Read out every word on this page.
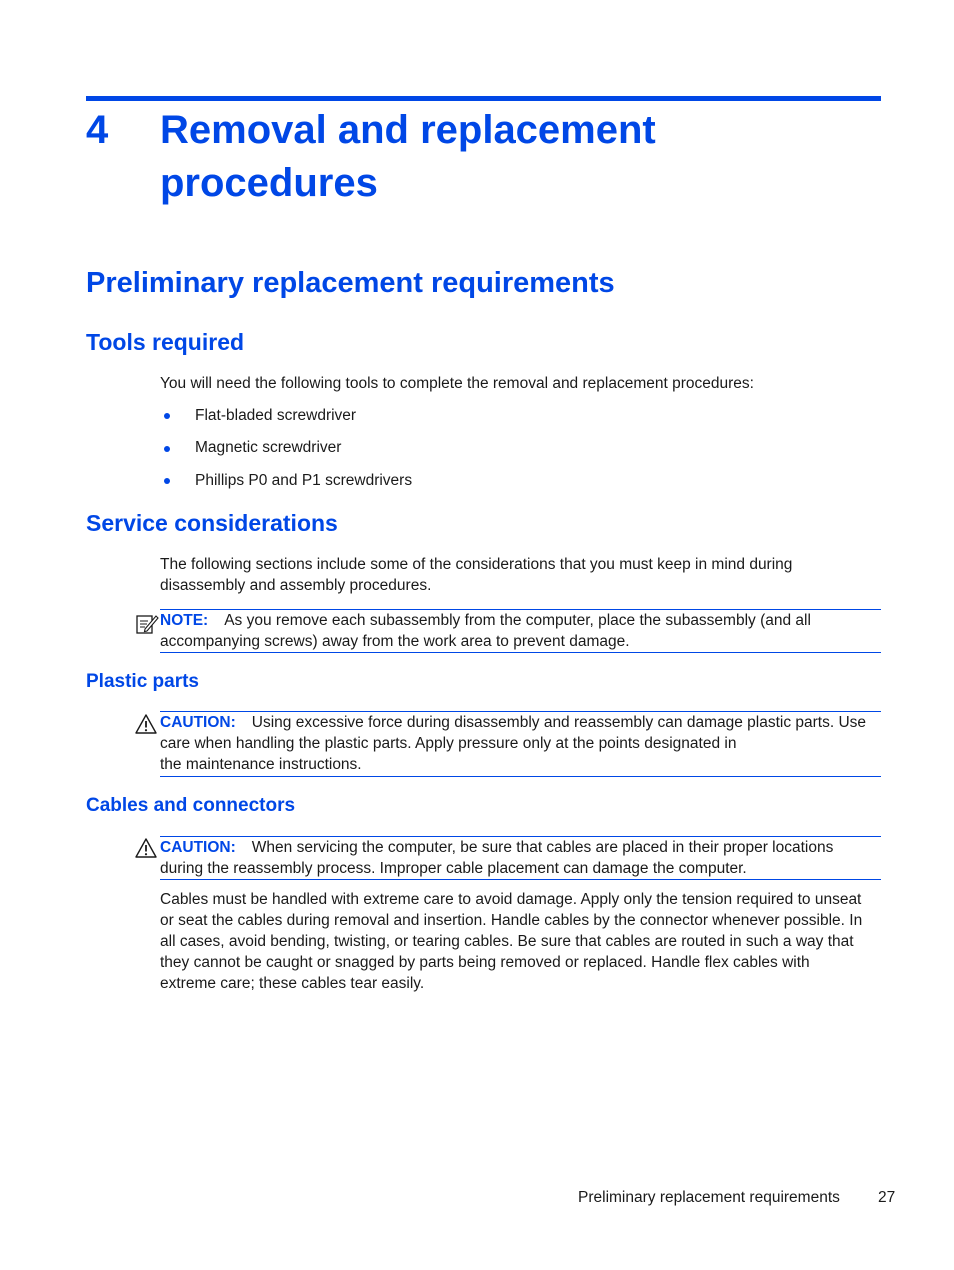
4	Removal and replacement
procedures
Preliminary replacement requirements
Tools required
You will need the following tools to complete the removal and replacement procedures:
Flat-bladed screwdriver
Magnetic screwdriver
Phillips P0 and P1 screwdrivers
Service considerations
The following sections include some of the considerations that you must keep in mind during
disassembly and assembly procedures.
NOTE: As you remove each subassembly from the computer, place the subassembly (and all
accompanying screws) away from the work area to prevent damage.
Plastic parts
CAUTION: Using excessive force during disassembly and reassembly can damage plastic parts. Use
care when handling the plastic parts. Apply pressure only at the points designated in
the maintenance instructions.
Cables and connectors
CAUTION: When servicing the computer, be sure that cables are placed in their proper locations
during the reassembly process. Improper cable placement can damage the computer.
Cables must be handled with extreme care to avoid damage. Apply only the tension required to unseat
or seat the cables during removal and insertion. Handle cables by the connector whenever possible. In
all cases, avoid bending, twisting, or tearing cables. Be sure that cables are routed in such a way that
they cannot be caught or snagged by parts being removed or replaced. Handle flex cables with
extreme care; these cables tear easily.
Preliminary replacement requirements 27
